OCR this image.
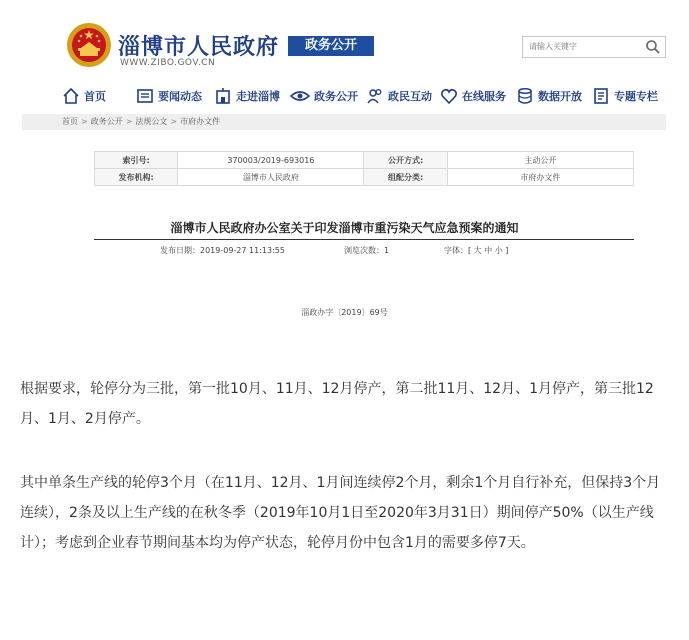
淄博市人民政府
WWW.ZIBO.GOV.CN
政务公开
请输入关键字
首页	要闻动态	走进淄博	政务公开	政民互动	在线服务	数据开放	专题专栏
首页 > 政务公开 > 法规公文 > 市府办文件
索引号:	370003/2019-693016	公开方式:	主动公开
发布机构:	淄博市人民政府	组配分类:	市府办文件
淄博市人民政府办公室关于印发淄博市重污染天气应急预案的通知
发布日期：2019-09-27 11:13:55	浏览次数：1	字体：[ 大 中 小 ]
淄政办字〔2019〕69号

根据要求，轮停分为三批，第一批10月、11月、12月停产，第二批11月、12月、1月停产，第三批12月、1月、2月停产。

其中单条生产线的轮停3个月（在11月、12月、1月间连续停2个月，剩余1个月自行补充，但保持3个月连续），2条及以上生产线的在秋冬季（2019年10月1日至2020年3月31日）期间停产50%（以生产线计）；考虑到企业春节期间基本均为停产状态，轮停月份中包含1月的需要多停7天。
